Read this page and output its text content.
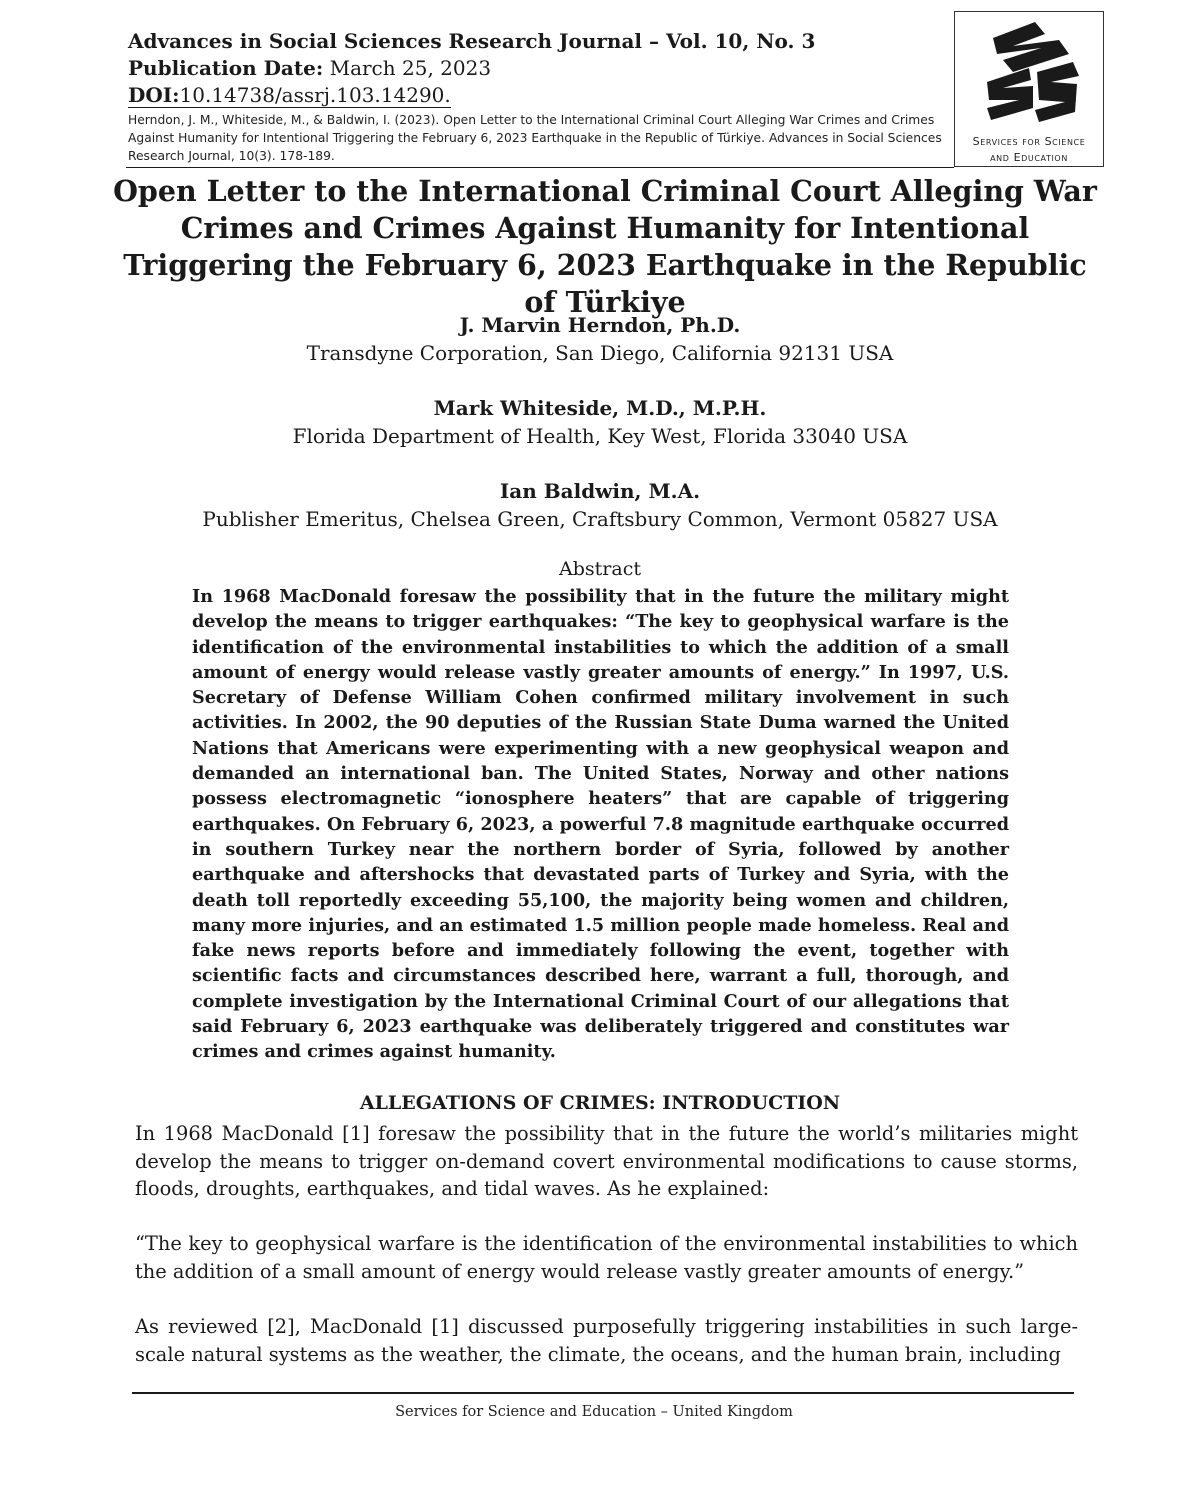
Advances in Social Sciences Research Journal – Vol. 10, No. 3
Publication Date: March 25, 2023
DOI:10.14738/assrj.103.14290.
Herndon, J. M., Whiteside, M., & Baldwin, I. (2023). Open Letter to the International Criminal Court Alleging War Crimes and Crimes Against Humanity for Intentional Triggering the February 6, 2023 Earthquake in the Republic of Türkiye. Advances in Social Sciences Research Journal, 10(3). 178-189.
Services for Science
and Education
Open Letter to the International Criminal Court Alleging War Crimes and Crimes Against Humanity for Intentional Triggering the February 6, 2023 Earthquake in the Republic of Türkiye
J. Marvin Herndon, Ph.D.
Transdyne Corporation, San Diego, California 92131 USA
Mark Whiteside, M.D., M.P.H.
Florida Department of Health, Key West, Florida 33040 USA
Ian Baldwin, M.A.
Publisher Emeritus, Chelsea Green, Craftsbury Common, Vermont 05827 USA
Abstract
In 1968 MacDonald foresaw the possibility that in the future the military might develop the means to trigger earthquakes: “The key to geophysical warfare is the identification of the environmental instabilities to which the addition of a small amount of energy would release vastly greater amounts of energy.” In 1997, U.S. Secretary of Defense William Cohen confirmed military involvement in such activities. In 2002, the 90 deputies of the Russian State Duma warned the United Nations that Americans were experimenting with a new geophysical weapon and demanded an international ban. The United States, Norway and other nations possess electromagnetic “ionosphere heaters” that are capable of triggering earthquakes. On February 6, 2023, a powerful 7.8 magnitude earthquake occurred in southern Turkey near the northern border of Syria, followed by another earthquake and aftershocks that devastated parts of Turkey and Syria, with the death toll reportedly exceeding 55,100, the majority being women and children, many more injuries, and an estimated 1.5 million people made homeless. Real and fake news reports before and immediately following the event, together with scientific facts and circumstances described here, warrant a full, thorough, and complete investigation by the International Criminal Court of our allegations that said February 6, 2023 earthquake was deliberately triggered and constitutes war crimes and crimes against humanity.
ALLEGATIONS OF CRIMES: INTRODUCTION
In 1968 MacDonald [1] foresaw the possibility that in the future the world’s militaries might develop the means to trigger on-demand covert environmental modifications to cause storms, floods, droughts, earthquakes, and tidal waves. As he explained:
“The key to geophysical warfare is the identification of the environmental instabilities to which the addition of a small amount of energy would release vastly greater amounts of energy.”
As reviewed [2], MacDonald [1] discussed purposefully triggering instabilities in such large-scale natural systems as the weather, the climate, the oceans, and the human brain, including
Services for Science and Education – United Kingdom
